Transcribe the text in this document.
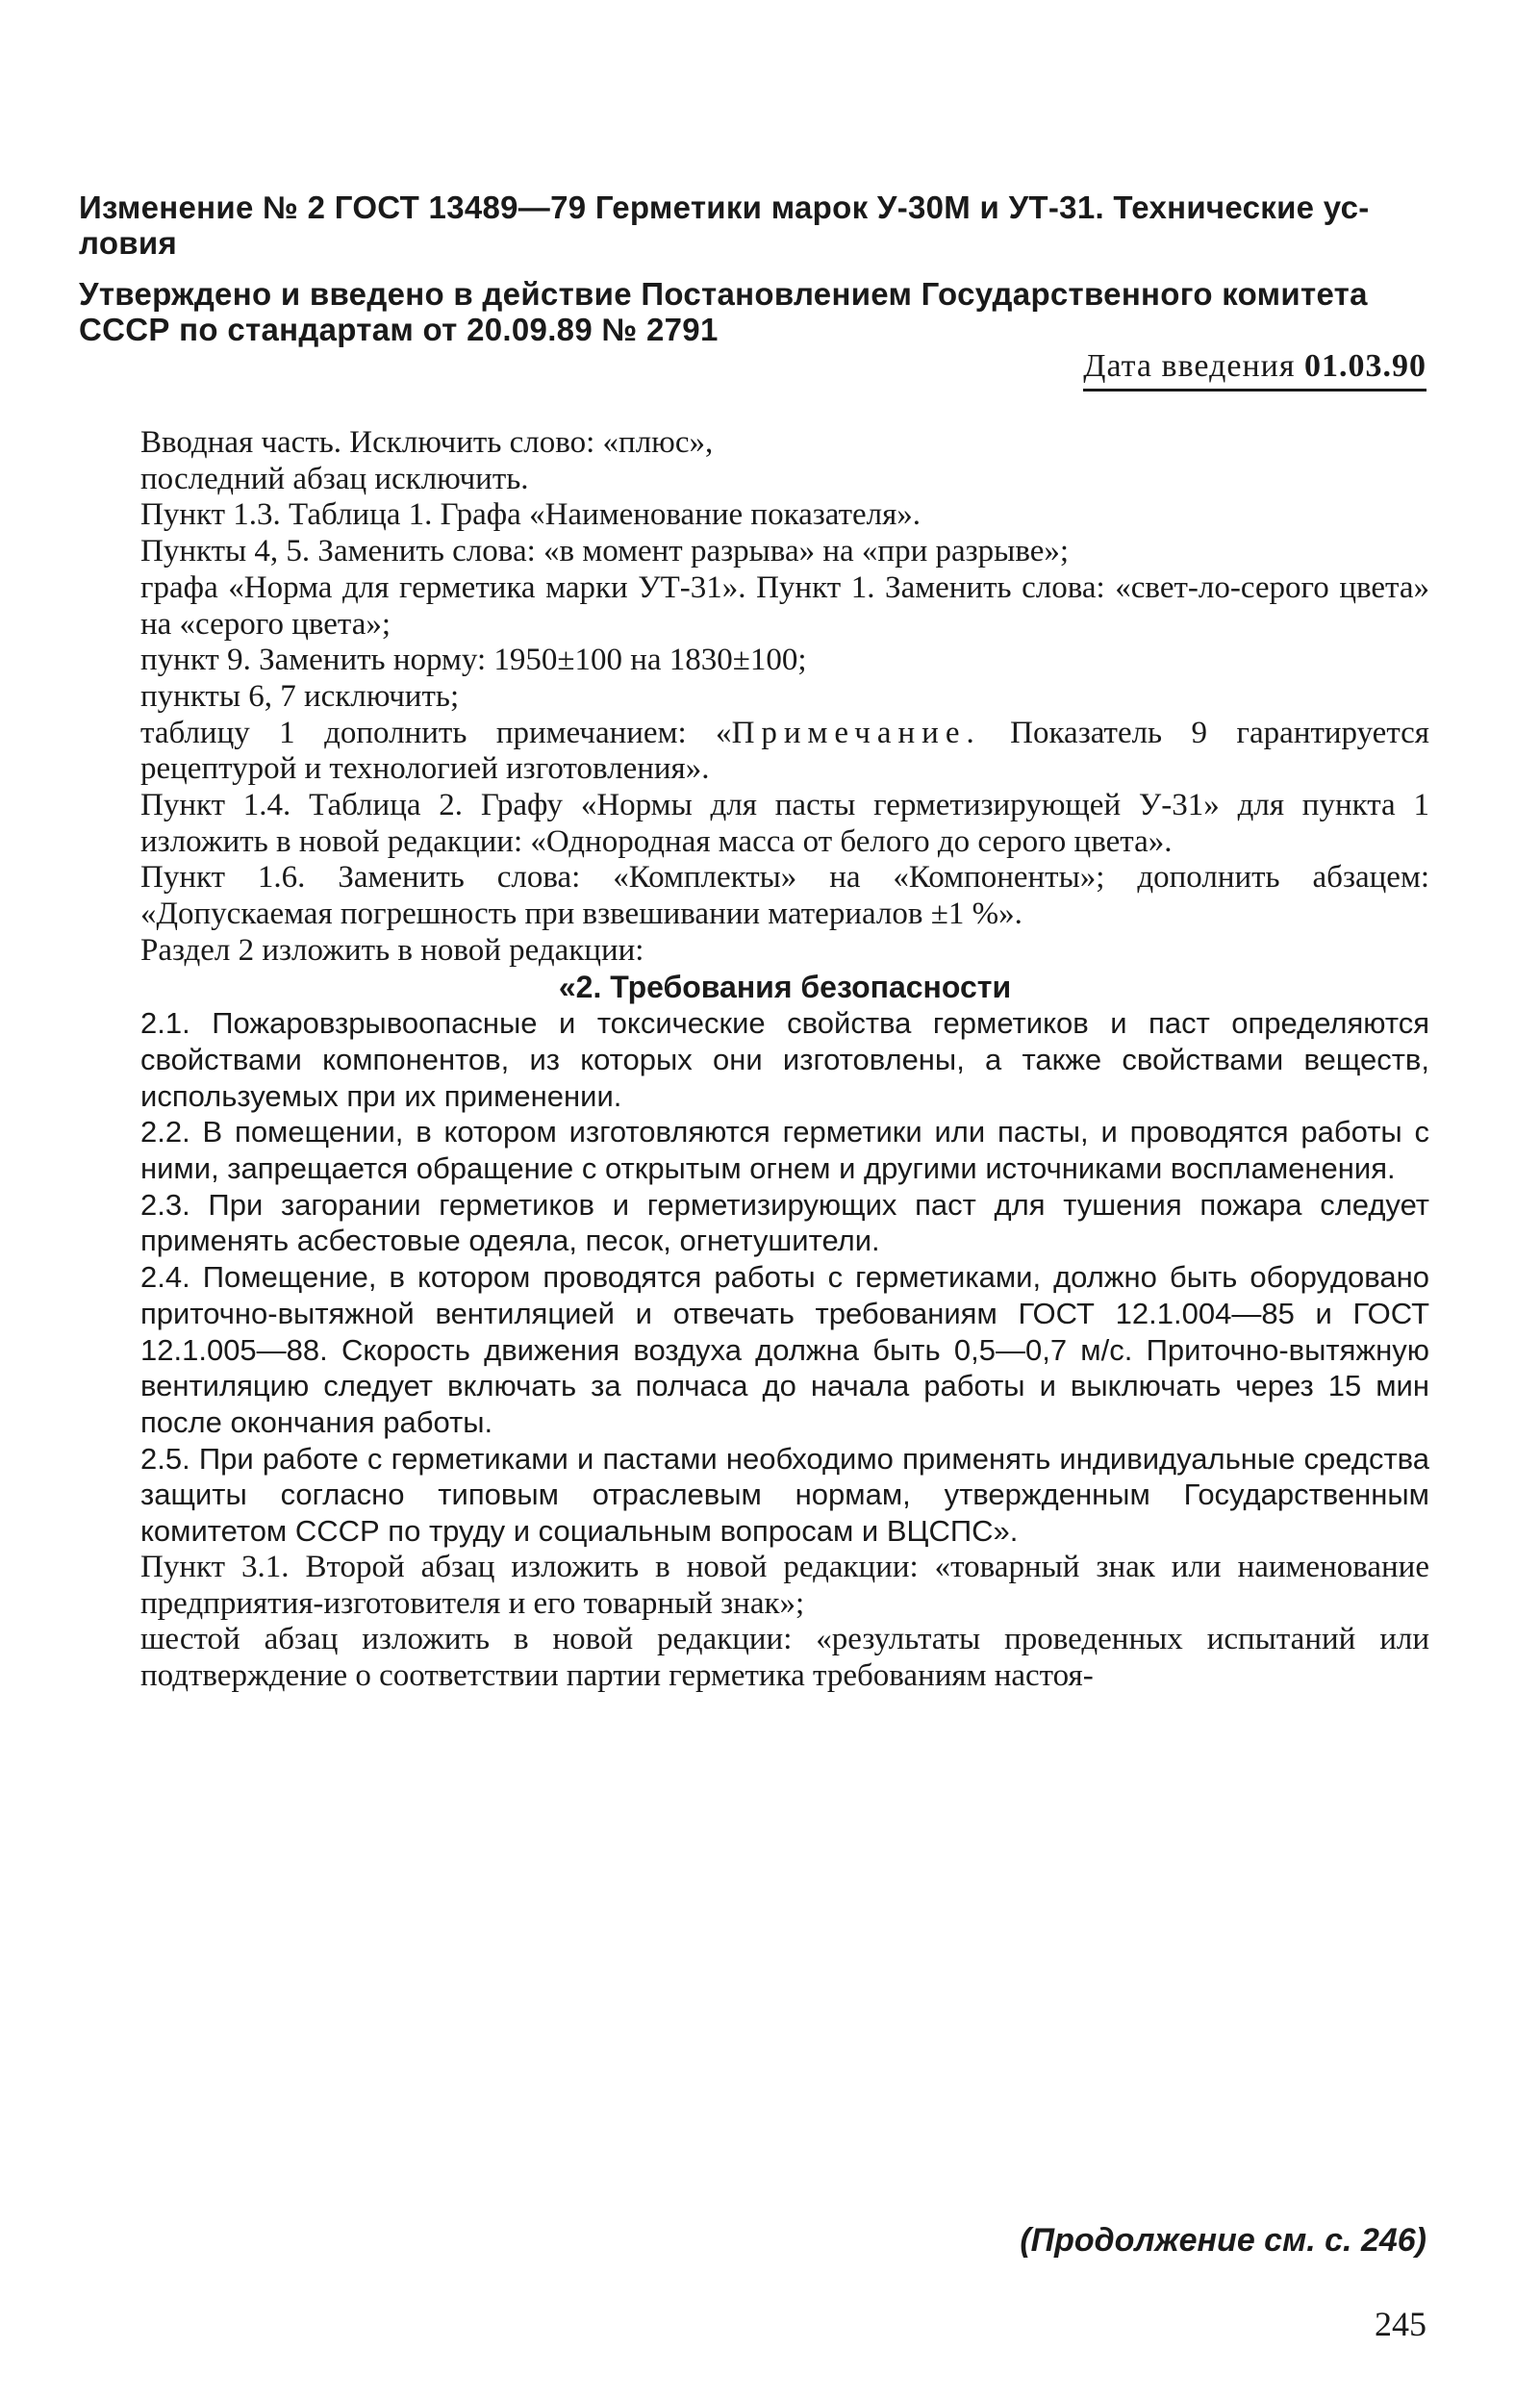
Изменение № 2 ГОСТ 13489—79 Герметики марок У-30М и УТ-31. Технические ус-
ловия
Утверждено и введено в действие Постановлением Государственного комитета
СССР по стандартам от 20.09.89 № 2791
Дата введения 01.03.90

Вводная часть. Исключить слово: «плюс»,

последний абзац исключить.

Пункт 1.3. Таблица 1. Графа «Наименование показателя».

Пункты 4, 5. Заменить слова: «в момент разрыва» на «при разрыве»;

графа «Норма для герметика марки УТ-31». Пункт 1. Заменить слова: «свет-ло-серого цвета» на «серого цвета»;

пункт 9. Заменить норму: 1950±100 на 1830±100;

пункты 6, 7 исключить;

таблицу 1 дополнить примечанием: «Примечание. Показатель 9 гарантируется рецептурой и технологией изготовления».

Пункт 1.4. Таблица 2. Графу «Нормы для пасты герметизирующей У-31» для пункта 1 изложить в новой редакции: «Однородная масса от белого до серого цвета».

Пункт 1.6. Заменить слова: «Комплекты» на «Компоненты»; дополнить абзацем: «Допускаемая погрешность при взвешивании материалов ±1 %».

Раздел 2 изложить в новой редакции:

«2. Требования безопасности

2.1. Пожаровзрывоопасные и токсические свойства герметиков и паст определяются свойствами компонентов, из которых они изготовлены, а также свойствами веществ, используемых при их применении.

2.2. В помещении, в котором изготовляются герметики или пасты, и проводятся работы с ними, запрещается обращение с открытым огнем и другими источниками воспламенения.

2.3. При загорании герметиков и герметизирующих паст для тушения пожара следует применять асбестовые одеяла, песок, огнетушители.

2.4. Помещение, в котором проводятся работы с герметиками, должно быть оборудовано приточно-вытяжной вентиляцией и отвечать требованиям ГОСТ 12.1.004—85 и ГОСТ 12.1.005—88. Скорость движения воздуха должна быть 0,5—0,7 м/с. Приточно-вытяжную вентиляцию следует включать за полчаса до начала работы и выключать через 15 мин после окончания работы.

2.5. При работе с герметиками и пастами необходимо применять индивидуальные средства защиты согласно типовым отраслевым нормам, утвержденным Государственным комитетом СССР по труду и социальным вопросам и ВЦСПС».

Пункт 3.1. Второй абзац изложить в новой редакции: «товарный знак или наименование предприятия-изготовителя и его товарный знак»;

шестой абзац изложить в новой редакции: «результаты проведенных испытаний или подтверждение о соответствии партии герметика требованиям настоя-

(Продолжение см. с. 246)
245
